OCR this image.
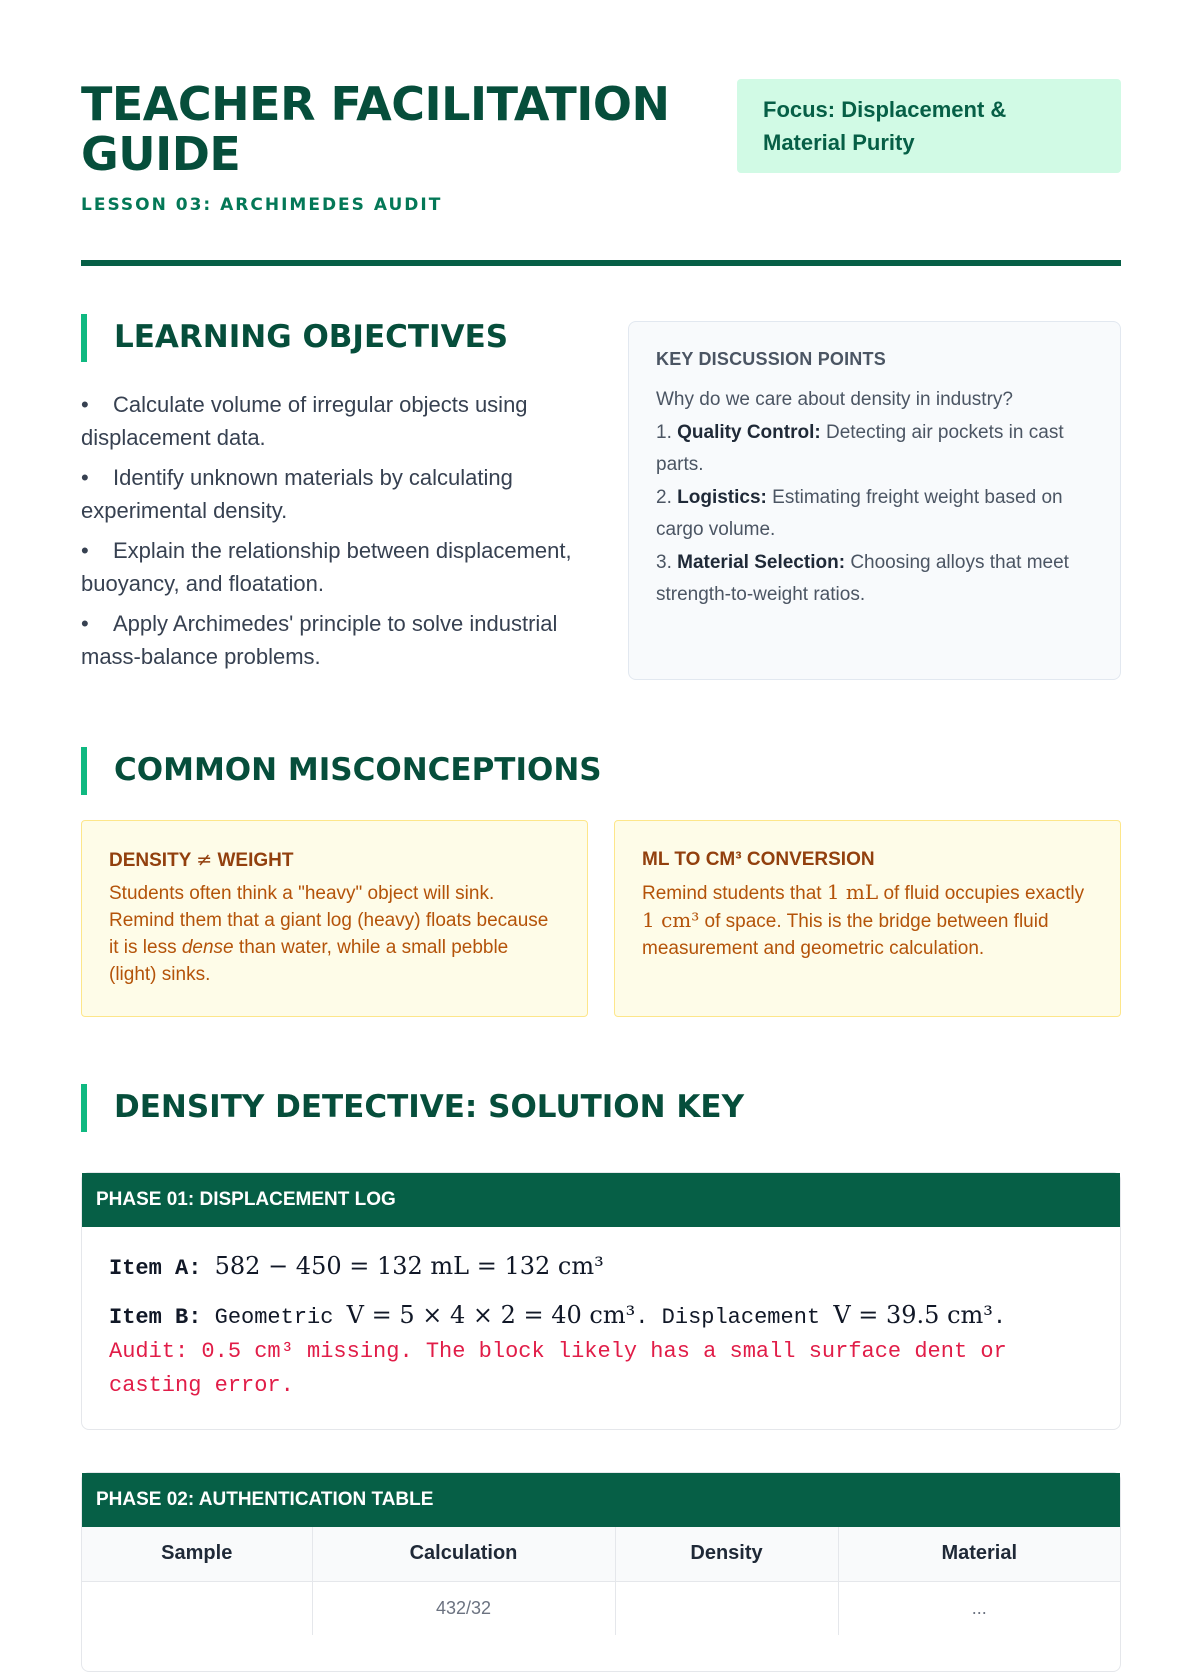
TEACHER FACILITATION GUIDE
LESSON 03: ARCHIMEDES AUDIT
Focus: Displacement & Material Purity
LEARNING OBJECTIVES
• Calculate volume of irregular objects using displacement data.
• Identify unknown materials by calculating experimental density.
• Explain the relationship between displacement, buoyancy, and floatation.
• Apply Archimedes' principle to solve industrial mass-balance problems.
KEY DISCUSSION POINTS

Why do we care about density in industry?

1. Quality Control: Detecting air pockets in cast parts.

2. Logistics: Estimating freight weight based on cargo volume.

3. Material Selection: Choosing alloys that meet strength-to-weight ratios.

COMMON MISCONCEPTIONS
DENSITY ≠ WEIGHT

Students often think a "heavy" object will sink. Remind them that a giant log (heavy) floats because it is less dense than water, while a small pebble (light) sinks.

ML TO CM³ CONVERSION

Remind students that 1 mL of fluid occupies exactly 1 cm³ of space. This is the bridge between fluid measurement and geometric calculation.

DENSITY DETECTIVE: SOLUTION KEY
PHASE 01: DISPLACEMENT LOG
Item A: 582 − 450 = 132 mL = 132 cm³
Item B: Geometric V = 5 × 4 × 2 = 40 cm³. Displacement V = 39.5 cm³.
Audit: 0.5 cm³ missing. The block likely has a small surface dent or casting error.
PHASE 02: AUTHENTICATION TABLE
Sample	Calculation	Density	Material
	432/32		...
